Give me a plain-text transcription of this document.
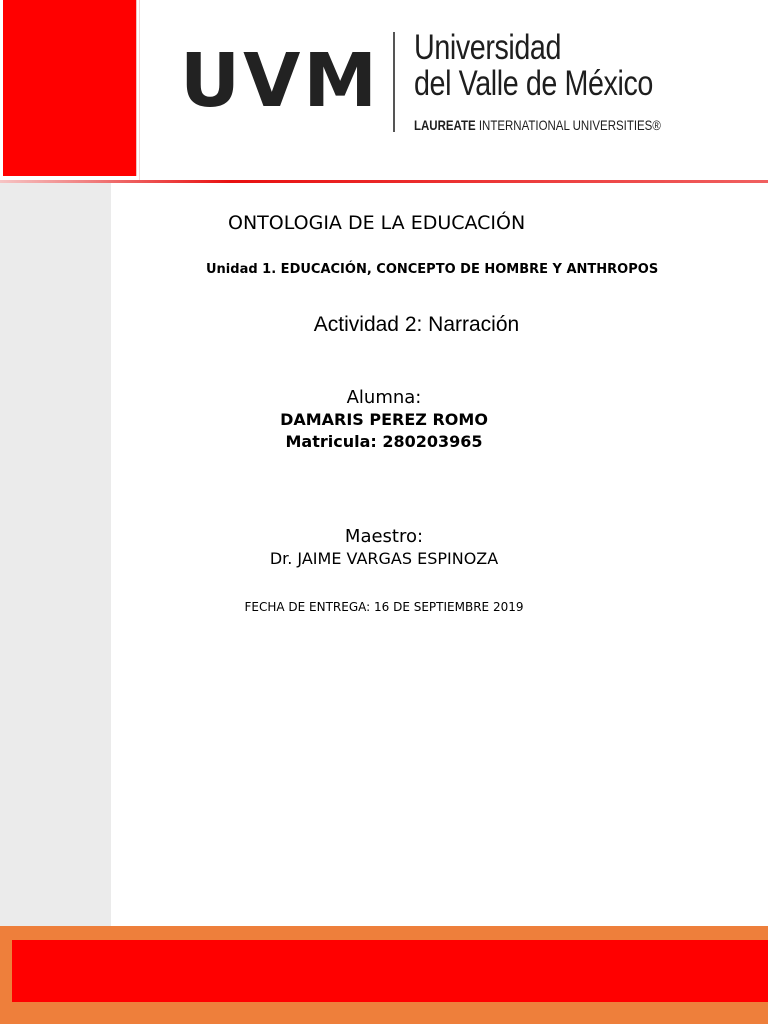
UVM Universidad
del Valle de México
LAUREATE INTERNATIONAL UNIVERSITIES®
ONTOLOGIA DE LA EDUCACIÓN
Unidad 1. EDUCACIÓN, CONCEPTO DE HOMBRE Y ANTHROPOS
Actividad 2: Narración
Alumna:
DAMARIS PEREZ ROMO
Matricula: 280203965
Maestro:
Dr. JAIME VARGAS ESPINOZA
FECHA DE ENTREGA: 16 DE SEPTIEMBRE 2019
